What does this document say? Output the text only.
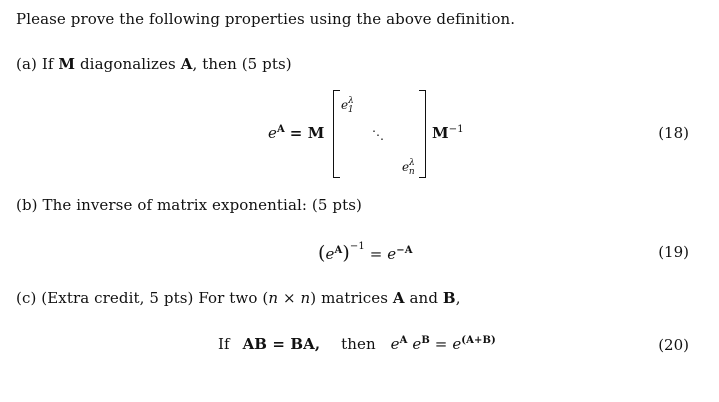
Please prove the following properties using the above definition.
(a) If M diagonalizes A, then (5 pts)
$e^A = M$
$e^\lambda_1$
⋱
$e^\lambda_n$
$M^{-1}$	(18)
(b) The inverse of matrix exponential: (5 pts)
$(e^A)^{-1} = e^{-A}$	(19)
(c) (Extra credit, 5 pts) For two (n × n) matrices A and B,
If AB = BA, then $e^A$ $e^B = e^{(A+B)}$	(20)
